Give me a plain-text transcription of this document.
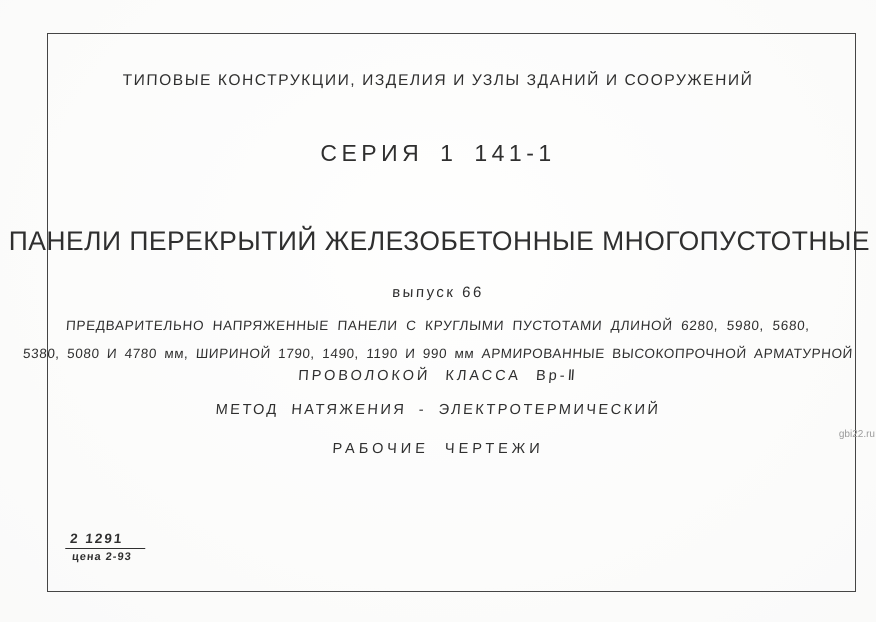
ТИПОВЫЕ КОНСТРУКЦИИ, ИЗДЕЛИЯ И УЗЛЫ ЗДАНИЙ И СООРУЖЕНИЙ
СЕРИЯ 1 141-1
ПАНЕЛИ ПЕРЕКРЫТИЙ ЖЕЛЕЗОБЕТОННЫЕ МНОГОПУСТОТНЫЕ
выпуск 66
ПРЕДВАРИТЕЛЬНО НАПРЯЖЕННЫЕ ПАНЕЛИ С КРУГЛЫМИ ПУСТОТАМИ ДЛИНОЙ 6280, 5980, 5680,
5380, 5080 И 4780 мм, ШИРИНОЙ 1790, 1490, 1190 И 990 мм АРМИРОВАННЫЕ ВЫСОКОПРОЧНОЙ АРМАТУРНОЙ
ПРОВОЛОКОЙ КЛАССА Вр-Ⅱ
МЕТОД НАТЯЖЕНИЯ - ЭЛЕКТРОТЕРМИЧЕСКИЙ
РАБОЧИЕ ЧЕРТЕЖИ
2 1291
цена 2-93
gbi22.ru
